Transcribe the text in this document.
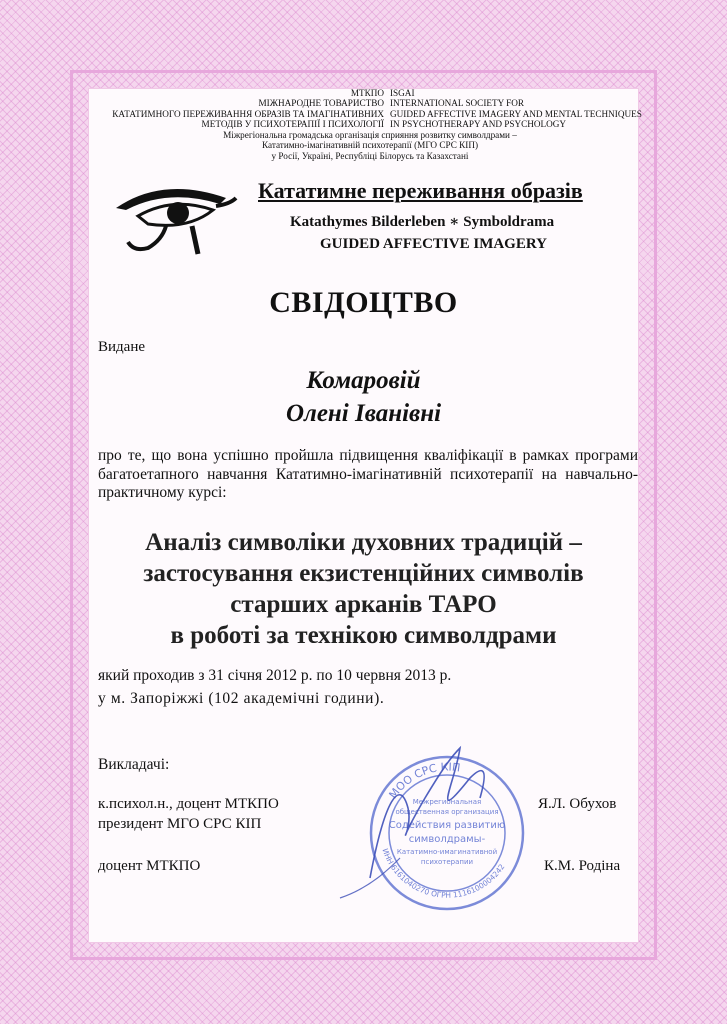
МТКПО
МІЖНАРОДНЕ ТОВАРИСТВО
КАТАТИМНОГО ПЕРЕЖИВАННЯ ОБРАЗІВ ТА ІМАГІНАТИВНИХ
МЕТОДІВ У ПСИХОТЕРАПІЇ І ПСИХОЛОГІЇ
ISGAI
INTERNATIONAL SOCIETY FOR
GUIDED AFFECTIVE IMAGERY AND MENTAL TECHNIQUES
IN PSYCHOTHERAPY AND PSYCHOLOGY
Міжрегіональна громадська організація сприяння розвитку символдрами –
Кататимно-імагінативній психотерапії (МГО СРС КІП)
у Росії, Україні, Республіці Білорусь та Казахстані
Кататимне переживання образів
Katathymes Bilderleben ∗ Symboldrama
GUIDED AFFECTIVE IMAGERY
СВІДОЦТВО
Видане
Комаровій
Олені Іванівні
про те, що вона успішно пройшла підвищення кваліфікації в рамках програми багатоетапного навчання Кататимно-імагінативній психотерапії на навчально-практичному курсі:
Аналіз символіки духовних традицій –
застосування екзистенційних символів
старших арканів ТАРО
в роботі за технікою символдрами
який проходив з 31 січня 2012 р. по 10 червня 2013 р.
у м. Запоріжжі (102 академічні години).
Викладачі:
к.психол.н., доцент МТКПО
президент МГО СРС КІП
Я.Л. Обухов
доцент МТКПО	К.М. Родіна
МОО СРС КІП
ИНН 6161040270 ОГРН 1116100004242
Межрегиональная
общественная организация
Содействия развитию
символдрамы-
Кататимно-имагинативной
психотерапии
